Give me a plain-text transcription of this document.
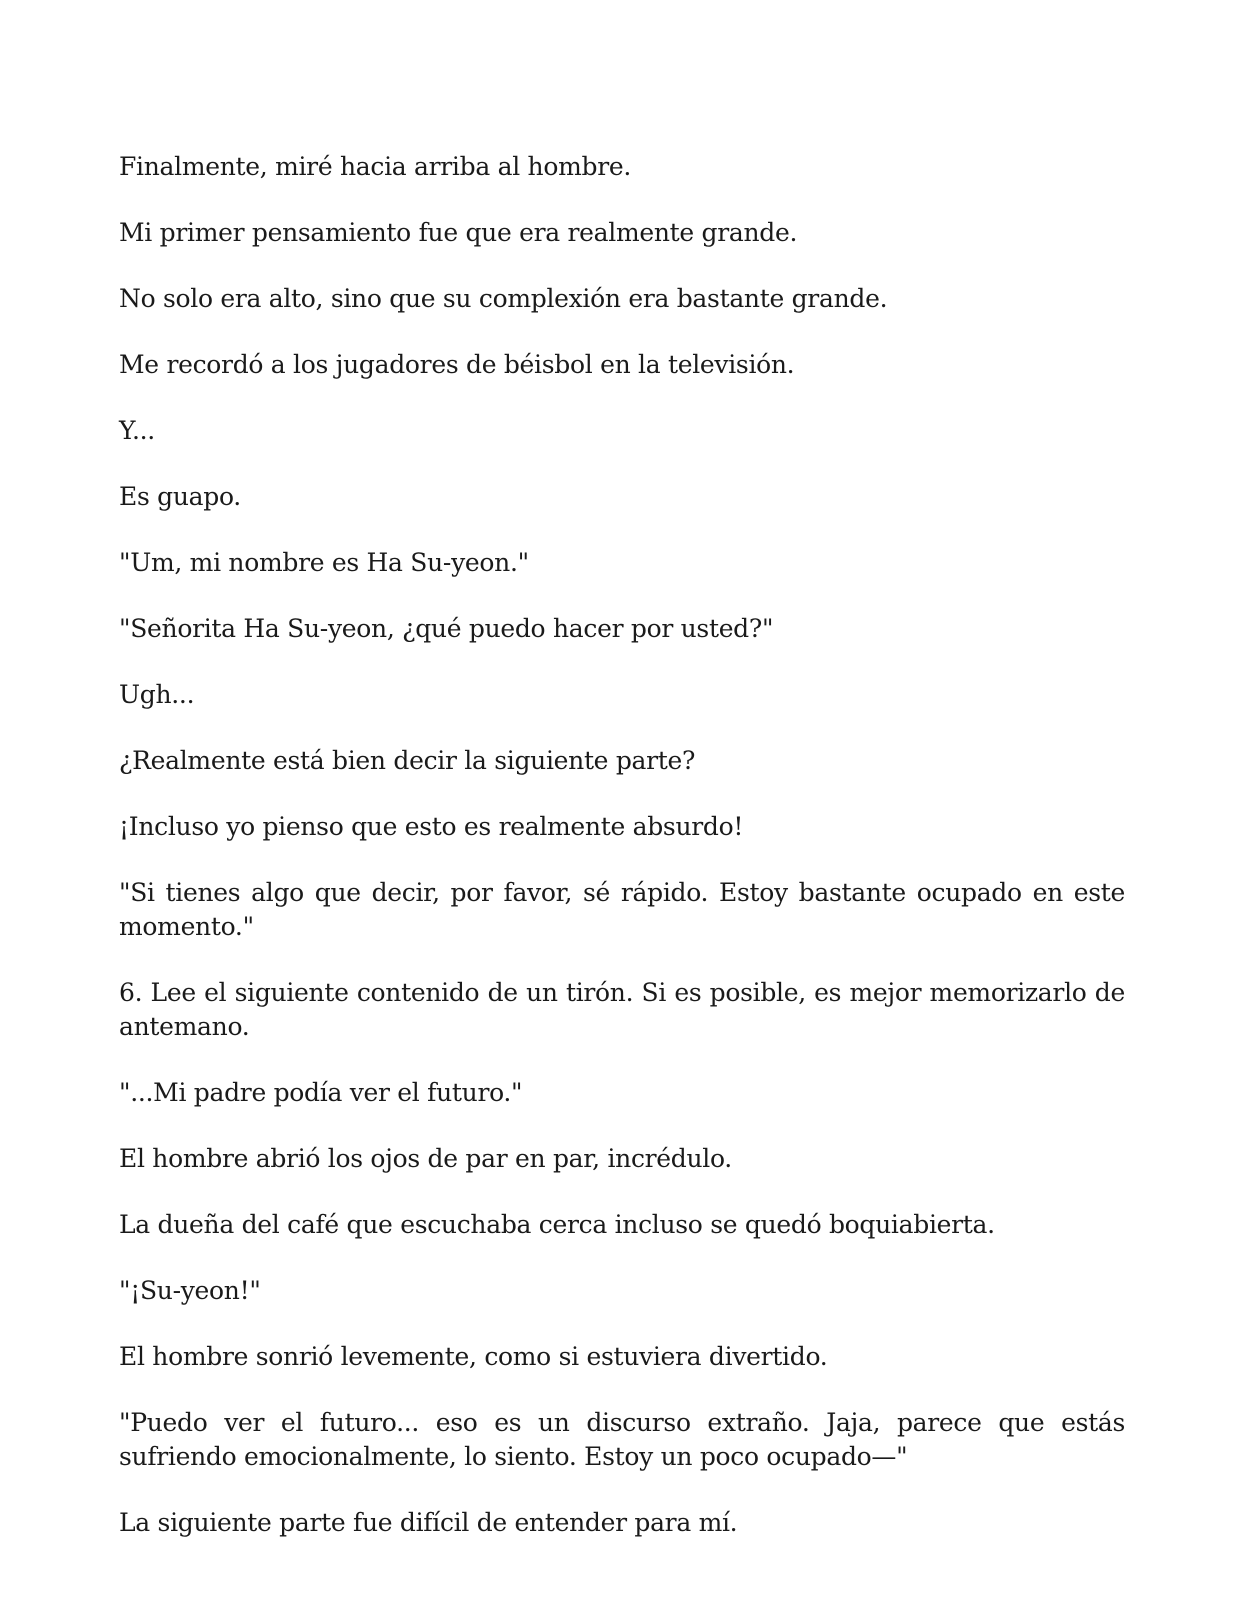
Finalmente, miré hacia arriba al hombre.

Mi primer pensamiento fue que era realmente grande.

No solo era alto, sino que su complexión era bastante grande.

Me recordó a los jugadores de béisbol en la televisión.

Y...

Es guapo.

"Um, mi nombre es Ha Su-yeon."

"Señorita Ha Su-yeon, ¿qué puedo hacer por usted?"

Ugh...

¿Realmente está bien decir la siguiente parte?

¡Incluso yo pienso que esto es realmente absurdo!

"Si tienes algo que decir, por favor, sé rápido. Estoy bastante ocupado en este momento."

6. Lee el siguiente contenido de un tirón. Si es posible, es mejor memorizarlo de antemano.

"...Mi padre podía ver el futuro."

El hombre abrió los ojos de par en par, incrédulo.

La dueña del café que escuchaba cerca incluso se quedó boquiabierta.

"¡Su-yeon!"

El hombre sonrió levemente, como si estuviera divertido.

"Puedo ver el futuro... eso es un discurso extraño. Jaja, parece que estás sufriendo emocionalmente, lo siento. Estoy un poco ocupado—"

La siguiente parte fue difícil de entender para mí.
